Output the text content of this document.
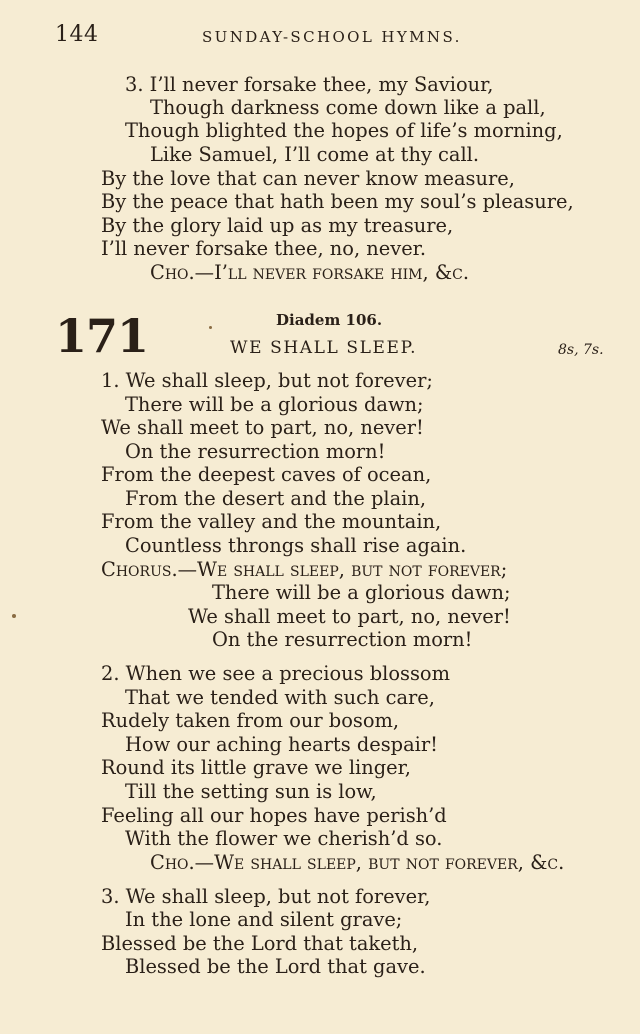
144	SUNDAY-SCHOOL HYMNS.
3. I’ll never forsake thee, my Saviour,
Though darkness come down like a pall,
Though blighted the hopes of life’s morning,
Like Samuel, I’ll come at thy call.
By the love that can never know measure,
By the peace that hath been my soul’s pleasure,
By the glory laid up as my treasure,
I’ll never forsake thee, no, never.
Cho.—I’ll never forsake him, &c.
171	Diadem 106.
WE SHALL SLEEP.	8s, 7s.
1. We shall sleep, but not forever;
There will be a glorious dawn;
We shall meet to part, no, never!
On the resurrection morn!
From the deepest caves of ocean,
From the desert and the plain,
From the valley and the mountain,
Countless throngs shall rise again.
Chorus.—We shall sleep, but not forever;
There will be a glorious dawn;
We shall meet to part, no, never!
On the resurrection morn!
2. When we see a precious blossom
That we tended with such care,
Rudely taken from our bosom,
How our aching hearts despair!
Round its little grave we linger,
Till the setting sun is low,
Feeling all our hopes have perish’d
With the flower we cherish’d so.
Cho.—We shall sleep, but not forever, &c.
3. We shall sleep, but not forever,
In the lone and silent grave;
Blessed be the Lord that taketh,
Blessed be the Lord that gave.
